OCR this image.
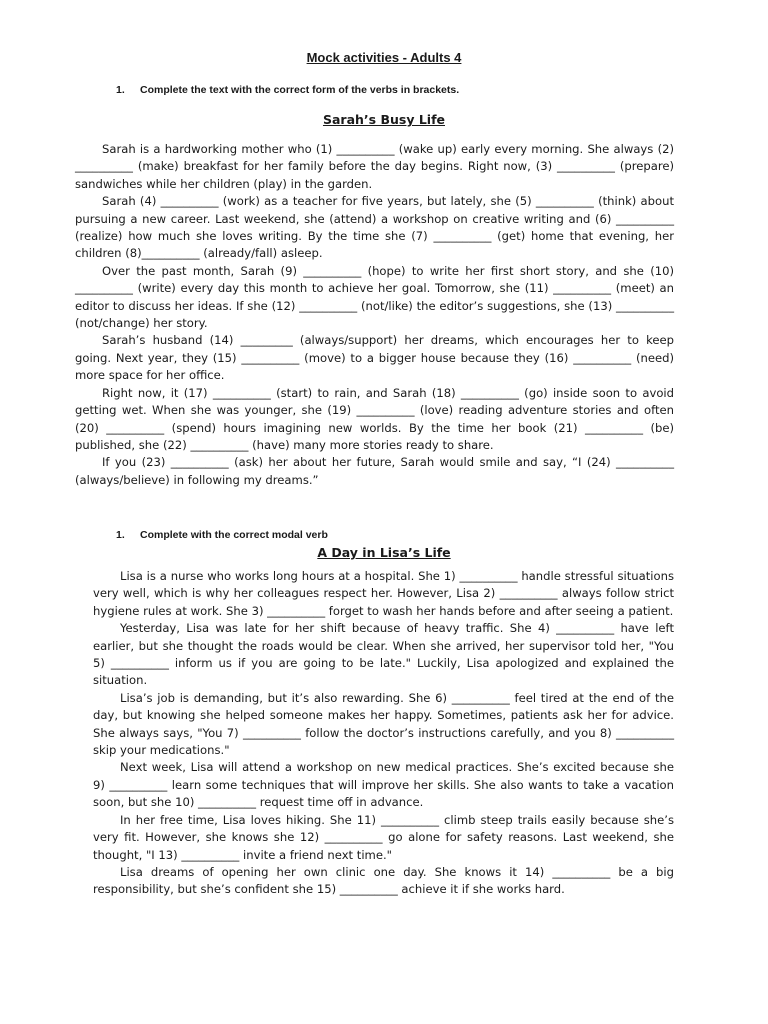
Mock activities - Adults 4
1. Complete the text with the correct form of the verbs in brackets.
Sarah’s Busy Life

Sarah is a hardworking mother who (1) __________ (wake up) early every morning. She always (2) __________ (make) breakfast for her family before the day begins. Right now, (3) __________ (prepare) sandwiches while her children (play) in the garden.

Sarah (4) __________ (work) as a teacher for five years, but lately, she (5) __________ (think) about pursuing a new career. Last weekend, she (attend) a workshop on creative writing and (6) __________ (realize) how much she loves writing. By the time she (7) __________ (get) home that evening, her children (8)__________ (already/fall) asleep.

Over the past month, Sarah (9) __________ (hope) to write her first short story, and she (10) __________ (write) every day this month to achieve her goal. Tomorrow, she (11) __________ (meet) an editor to discuss her ideas. If she (12) __________ (not/like) the editor’s suggestions, she (13) __________ (not/change) her story.

Sarah’s husband (14) _________ (always/support) her dreams, which encourages her to keep going. Next year, they (15) __________ (move) to a bigger house because they (16) __________ (need) more space for her office.

Right now, it (17) __________ (start) to rain, and Sarah (18) __________ (go) inside soon to avoid getting wet. When she was younger, she (19) __________ (love) reading adventure stories and often (20) __________ (spend) hours imagining new worlds. By the time her book (21) __________ (be) published, she (22) __________ (have) many more stories ready to share.

If you (23) __________ (ask) her about her future, Sarah would smile and say, “I (24) __________ (always/believe) in following my dreams.”

1. Complete with the correct modal verb
A Day in Lisa’s Life

Lisa is a nurse who works long hours at a hospital. She 1) __________ handle stressful situations very well, which is why her colleagues respect her. However, Lisa 2) __________ always follow strict hygiene rules at work. She 3) __________ forget to wash her hands before and after seeing a patient.

Yesterday, Lisa was late for her shift because of heavy traffic. She 4) __________ have left earlier, but she thought the roads would be clear. When she arrived, her supervisor told her, "You 5) __________ inform us if you are going to be late." Luckily, Lisa apologized and explained the situation.

Lisa’s job is demanding, but it’s also rewarding. She 6) __________ feel tired at the end of the day, but knowing she helped someone makes her happy. Sometimes, patients ask her for advice. She always says, "You 7) __________ follow the doctor’s instructions carefully, and you 8) __________ skip your medications."

Next week, Lisa will attend a workshop on new medical practices. She’s excited because she 9) __________ learn some techniques that will improve her skills. She also wants to take a vacation soon, but she 10) __________ request time off in advance.

In her free time, Lisa loves hiking. She 11) __________ climb steep trails easily because she’s very fit. However, she knows she 12) __________ go alone for safety reasons. Last weekend, she thought, "I 13) __________ invite a friend next time."

Lisa dreams of opening her own clinic one day. She knows it 14) __________ be a big responsibility, but she’s confident she 15) __________ achieve it if she works hard.
